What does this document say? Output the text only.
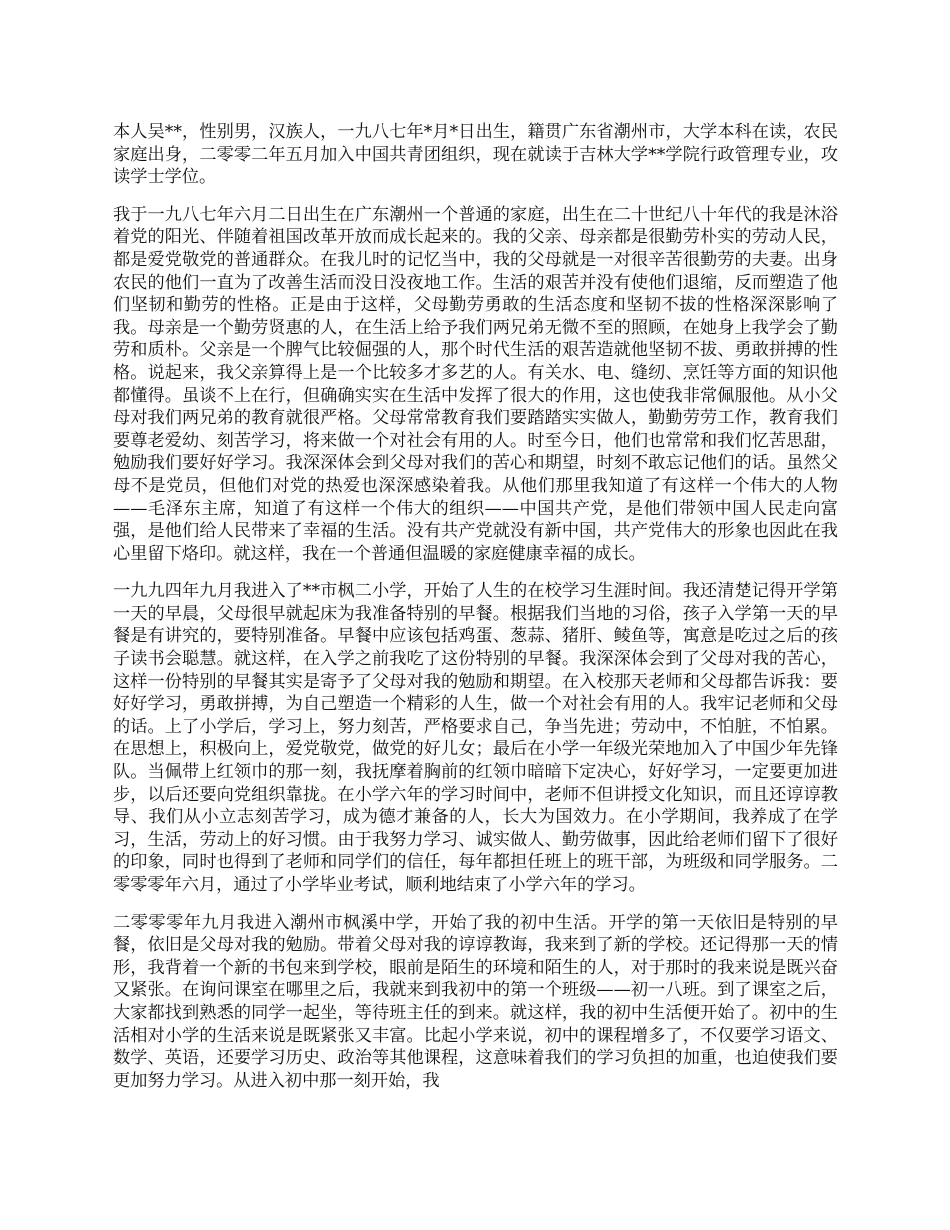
本人吴**，性别男，汉族人，一九八七年*月*日出生，籍贯广东省潮州市，大学本科在读，农民家庭出身，二零零二年五月加入中国共青团组织，现在就读于吉林大学**学院行政管理专业，攻读学士学位。

我于一九八七年六月二日出生在广东潮州一个普通的家庭，出生在二十世纪八十年代的我是沐浴着党的阳光、伴随着祖国改革开放而成长起来的。我的父亲、母亲都是很勤劳朴实的劳动人民，都是爱党敬党的普通群众。在我儿时的记忆当中，我的父母就是一对很辛苦很勤劳的夫妻。出身农民的他们一直为了改善生活而没日没夜地工作。生活的艰苦并没有使他们退缩，反而塑造了他们坚韧和勤劳的性格。正是由于这样，父母勤劳勇敢的生活态度和坚韧不拔的性格深深影响了我。母亲是一个勤劳贤惠的人，在生活上给予我们两兄弟无微不至的照顾，在她身上我学会了勤劳和质朴。父亲是一个脾气比较倔强的人，那个时代生活的艰苦造就他坚韧不拔、勇敢拼搏的性格。说起来，我父亲算得上是一个比较多才多艺的人。有关水、电、缝纫、烹饪等方面的知识他都懂得。虽谈不上在行，但确确实实在生活中发挥了很大的作用，这也使我非常佩服他。从小父母对我们两兄弟的教育就很严格。父母常常教育我们要踏踏实实做人，勤勤劳劳工作，教育我们要尊老爱幼、刻苦学习，将来做一个对社会有用的人。时至今日，他们也常常和我们忆苦思甜，勉励我们要好好学习。我深深体会到父母对我们的苦心和期望，时刻不敢忘记他们的话。虽然父母不是党员，但他们对党的热爱也深深感染着我。从他们那里我知道了有这样一个伟大的人物——毛泽东主席，知道了有这样一个伟大的组织——中国共产党，是他们带领中国人民走向富强，是他们给人民带来了幸福的生活。没有共产党就没有新中国，共产党伟大的形象也因此在我心里留下烙印。就这样，我在一个普通但温暖的家庭健康幸福的成长。

一九九四年九月我进入了**市枫二小学，开始了人生的在校学习生涯时间。我还清楚记得开学第一天的早晨，父母很早就起床为我准备特别的早餐。根据我们当地的习俗，孩子入学第一天的早餐是有讲究的，要特别准备。早餐中应该包括鸡蛋、葱蒜、猪肝、鲮鱼等，寓意是吃过之后的孩子读书会聪慧。就这样，在入学之前我吃了这份特别的早餐。我深深体会到了父母对我的苦心，这样一份特别的早餐其实是寄予了父母对我的勉励和期望。在入校那天老师和父母都告诉我：要好好学习，勇敢拼搏，为自己塑造一个精彩的人生，做一个对社会有用的人。我牢记老师和父母的话。上了小学后，学习上，努力刻苦，严格要求自己，争当先进；劳动中，不怕脏，不怕累。在思想上，积极向上，爱党敬党，做党的好儿女；最后在小学一年级光荣地加入了中国少年先锋队。当佩带上红领巾的那一刻，我抚摩着胸前的红领巾暗暗下定决心，好好学习，一定要更加进步，以后还要向党组织靠拢。在小学六年的学习时间中，老师不但讲授文化知识，而且还谆谆教导、我们从小立志刻苦学习，成为德才兼备的人，长大为国效力。在小学期间，我养成了在学习，生活，劳动上的好习惯。由于我努力学习、诚实做人、勤劳做事，因此给老师们留下了很好的印象，同时也得到了老师和同学们的信任，每年都担任班上的班干部，为班级和同学服务。二零零零年六月，通过了小学毕业考试，顺利地结束了小学六年的学习。

二零零零年九月我进入潮州市枫溪中学，开始了我的初中生活。开学的第一天依旧是特别的早餐，依旧是父母对我的勉励。带着父母对我的谆谆教诲，我来到了新的学校。还记得那一天的情形，我背着一个新的书包来到学校，眼前是陌生的环境和陌生的人，对于那时的我来说是既兴奋又紧张。在询问课室在哪里之后，我就来到我初中的第一个班级——初一八班。到了课室之后，大家都找到熟悉的同学一起坐，等待班主任的到来。就这样，我的初中生活便开始了。初中的生活相对小学的生活来说是既紧张又丰富。比起小学来说，初中的课程增多了，不仅要学习语文、数学、英语，还要学习历史、政治等其他课程，这意味着我们的学习负担的加重，也迫使我们要更加努力学习。从进入初中那一刻开始，我
